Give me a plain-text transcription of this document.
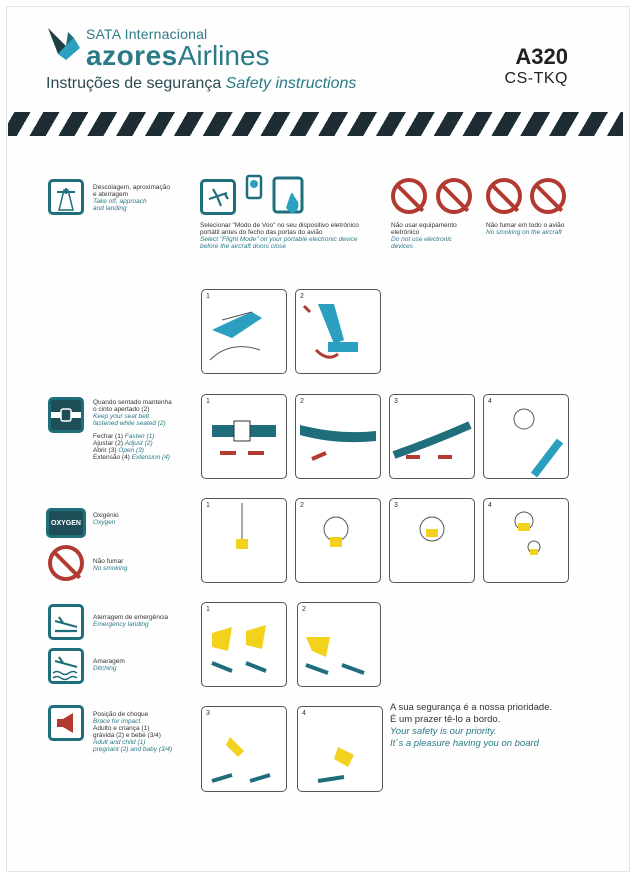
SATA Internacional
azoresAirlines
Instruções de segurança Safety instructions
A320
CS-TKQ
Descolagem, aproximação
e aterragem
Take off, approach
and landing
Selecionar "Modo de Voo" no seu dispositivo eletrónico
portátil antes do fecho das portas do avião
Select "Flight Mode" on your portable electronic device
before the aircraft doors close
Não usar equipamento
eletrónico
Do not use electronic
devices
Não fumar em todo o avião
No smoking on the aircraft
1	2
Quando sentado mantenha
o cinto apertado (2)
Keep your seat belt
fastened while seated (2)
Fechar (1) Fasten (1)
Ajustar (2) Adjust (2)
Abrir (3) Open (3)
Extensão (4) Extension (4)
1	2	3	4
OXYGEN
Oxigénio
Oxygen
Não fumar
No smoking
1	2	3	4
Aterragem de emergência
Emergency landing
Amaragem
Ditching
1	2
Posição de choque
Brace for impact
Adulto e criança (1)
grávida (2) e bebé (3/4)
Adult and child (1)
pregnant (2) and baby (3/4)
3	4
A sua segurança é a nossa prioridade.
É um prazer tê-lo a bordo.
Your safety is our priority.
It´s a pleasure having you on board
